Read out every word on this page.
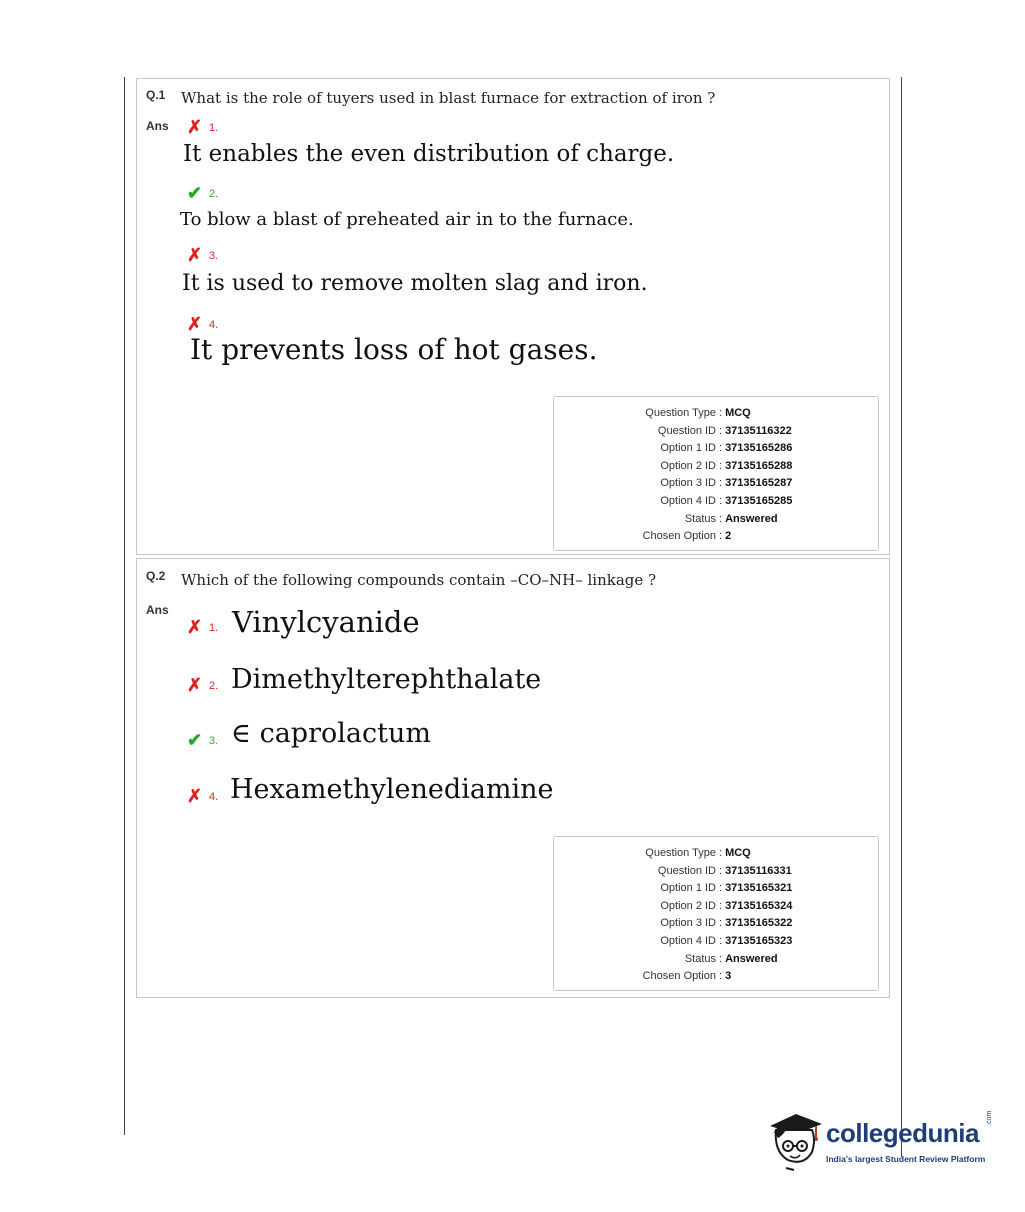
Q.1 What is the role of tuyers used in blast furnace for extraction of iron ?
Ans ✗ 1.
It enables the even distribution of charge.
✔ 2.
To blow a blast of preheated air in to the furnace.
✗ 3.
It is used to remove molten slag and iron.
✗ 4.
It prevents loss of hot gases.
Question Type : MCQ
Question ID : 37135116322
Option 1 ID : 37135165286
Option 2 ID : 37135165288
Option 3 ID : 37135165287
Option 4 ID : 37135165285
Status : Answered
Chosen Option : 2
Q.2 Which of the following compounds contain –CO–NH– linkage ?
Ans
✗ 1. Vinylcyanide
✗ 2. Dimethylterephthalate
✔ 3. ∈ caprolactum
✗ 4. Hexamethylenediamine
Question Type : MCQ
Question ID : 37135116331
Option 1 ID : 37135165321
Option 2 ID : 37135165324
Option 3 ID : 37135165322
Option 4 ID : 37135165323
Status : Answered
Chosen Option : 3
collegedunia .com
India's largest Student Review Platform
